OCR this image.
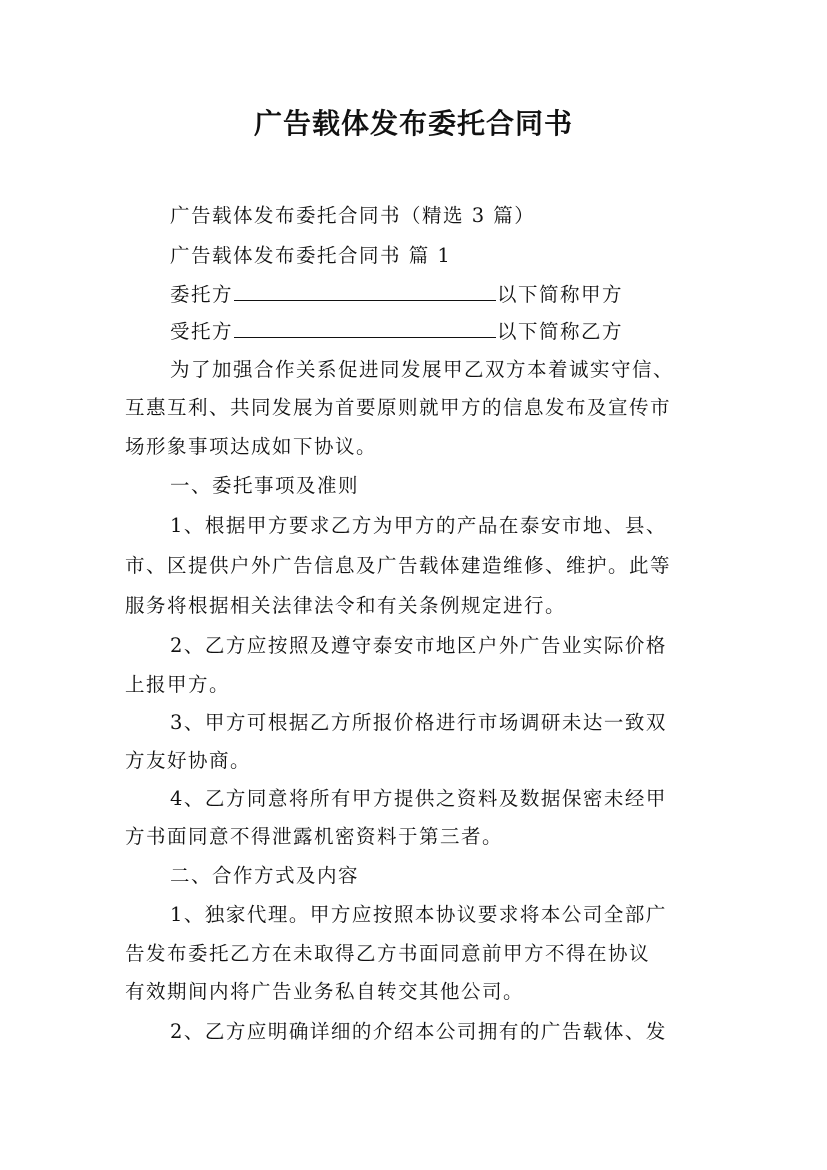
广告载体发布委托合同书
广告载体发布委托合同书（精选 3 篇）
广告载体发布委托合同书 篇 1
委托方	以下简称甲方
受托方	以下简称乙方
为了加强合作关系促进同发展甲乙双方本着诚实守信、
互惠互利、共同发展为首要原则就甲方的信息发布及宣传市
场形象事项达成如下协议。
一、委托事项及准则
1、根据甲方要求乙方为甲方的产品在泰安市地、县、
市、区提供户外广告信息及广告载体建造维修、维护。此等
服务将根据相关法律法令和有关条例规定进行。
2、乙方应按照及遵守泰安市地区户外广告业实际价格
上报甲方。
3、甲方可根据乙方所报价格进行市场调研未达一致双
方友好协商。
4、乙方同意将所有甲方提供之资料及数据保密未经甲
方书面同意不得泄露机密资料于第三者。
二、合作方式及内容
1、独家代理。甲方应按照本协议要求将本公司全部广
告发布委托乙方在未取得乙方书面同意前甲方不得在协议
有效期间内将广告业务私自转交其他公司。
2、乙方应明确详细的介绍本公司拥有的广告载体、发
